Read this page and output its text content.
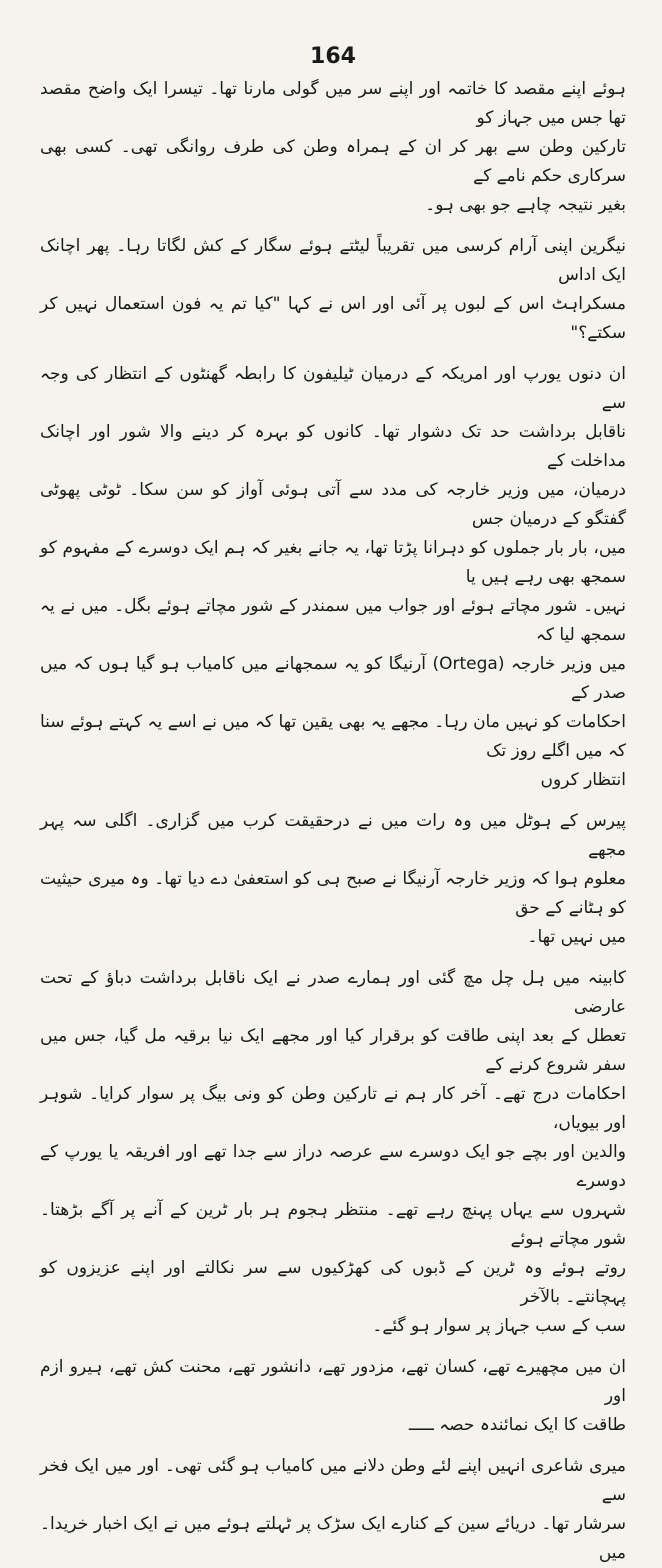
164

ہوئے اپنے مقصد کا خاتمہ اور اپنے سر میں گولی مارنا تھا۔ تیسرا ایک واضح مقصد تھا جس میں جہاز کو
تارکین وطن سے بھر کر ان کے ہمراہ وطن کی طرف روانگی تھی۔ کسی بھی سرکاری حکم نامے کے
بغیر نتیجہ چاہے جو بھی ہو۔

نیگرین اپنی آرام کرسی میں تقریباً لیٹتے ہوئے سگار کے کش لگاتا رہا۔ پھر اچانک ایک اداس
مسکراہٹ اس کے لبوں پر آئی اور اس نے کہا "کیا تم یہ فون استعمال نہیں کر سکتے؟"

ان دنوں یورپ اور امریکہ کے درمیان ٹیلیفون کا رابطہ گھنٹوں کے انتظار کی وجہ سے
ناقابل برداشت حد تک دشوار تھا۔ کانوں کو بہرہ کر دینے والا شور اور اچانک مداخلت کے
درمیان، میں وزیر خارجہ کی مدد سے آتی ہوئی آواز کو سن سکا۔ ٹوٹی پھوٹی گفتگو کے درمیان جس
میں، بار بار جملوں کو دہرانا پڑتا تھا، یہ جانے بغیر کہ ہم ایک دوسرے کے مفہوم کو سمجھ بھی رہے ہیں یا
نہیں۔ شور مچاتے ہوئے اور جواب میں سمندر کے شور مچاتے ہوئے بگل۔ میں نے یہ سمجھ لیا کہ
میں وزیر خارجہ (Ortega) آرنیگا کو یہ سمجھانے میں کامیاب ہو گیا ہوں کہ میں صدر کے
احکامات کو نہیں مان رہا۔ مجھے یہ بھی یقین تھا کہ میں نے اسے یہ کہتے ہوئے سنا کہ میں اگلے روز تک
انتظار کروں

پیرس کے ہوٹل میں وہ رات میں نے درحقیقت کرب میں گزاری۔ اگلی سہ پہر مجھے
معلوم ہوا کہ وزیر خارجہ آرنیگا نے صبح ہی کو استعفیٰ دے دیا تھا۔ وہ میری حیثیت کو ہٹانے کے حق
میں نہیں تھا۔

کابینہ میں ہل چل مچ گئی اور ہمارے صدر نے ایک ناقابل برداشت دباؤ کے تحت عارضی
تعطل کے بعد اپنی طاقت کو برقرار کیا اور مجھے ایک نیا برقیہ مل گیا، جس میں سفر شروع کرنے کے
احکامات درج تھے۔ آخر کار ہم نے تارکین وطن کو ونی بیگ پر سوار کرایا۔ شوہر اور بیویاں،
والدین اور بچے جو ایک دوسرے سے عرصہ دراز سے جدا تھے اور افریقہ یا یورپ کے دوسرے
شہروں سے یہاں پہنچ رہے تھے۔ منتظر ہجوم ہر بار ٹرین کے آنے پر آگے بڑھتا۔ شور مچاتے ہوئے
روتے ہوئے وہ ٹرین کے ڈبوں کی کھڑکیوں سے سر نکالتے اور اپنے عزیزوں کو پہچانتے۔ بالآخر
سب کے سب جہاز پر سوار ہو گئے۔

ان میں مچھیرے تھے، کسان تھے، مزدور تھے، دانشور تھے، محنت کش تھے، ہیرو ازم اور
طاقت کا ایک نمائندہ حصہ ـــــ

میری شاعری انہیں اپنے لئے وطن دلانے میں کامیاب ہو گئی تھی۔ اور میں ایک فخر سے
سرشار تھا۔ دریائے سین کے کنارے ایک سڑک پر ٹہلتے ہوئے میں نے ایک اخبار خریدا۔ میں
